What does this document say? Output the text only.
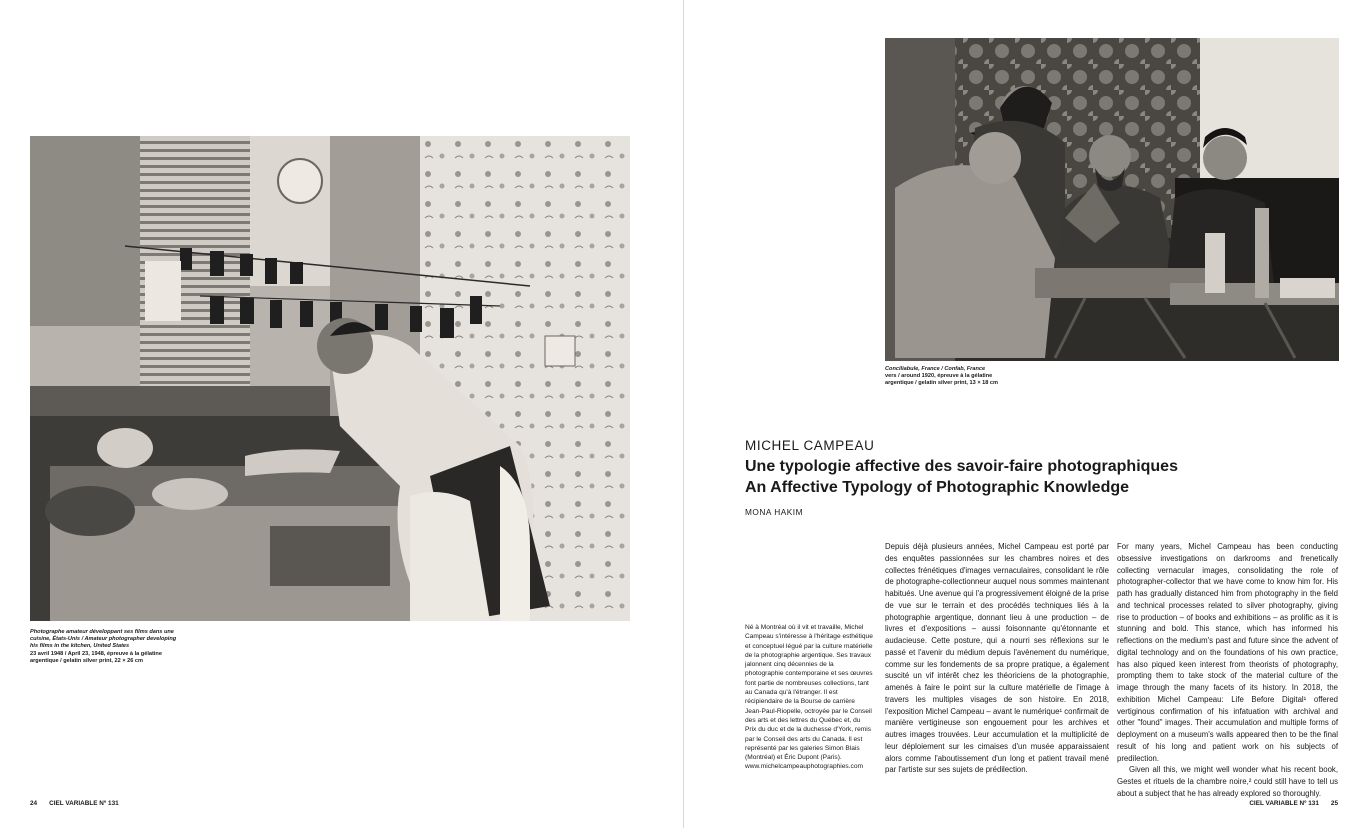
Photographe amateur développant ses films dans une cuisine, États-Unis / Amateur photographer developing his films in the kitchen, United States
23 avril 1948 / April 23, 1948, épreuve à la gélatine argentique / gelatin silver print, 22 × 26 cm
24 CIEL VARIABLE Nº 131
Conciliabule, France / Confab, France
vers / around 1920, épreuve à la gélatine argentique / gelatin silver print, 13 × 18 cm
MICHEL CAMPEAU
Une typologie affective des savoir-faire photographiques
An Affective Typology of Photographic Knowledge
MONA HAKIM

Né à Montréal où il vit et travaille, Michel Campeau s'intéresse à l'héritage esthétique et conceptuel légué par la culture matérielle de la photographie argentique. Ses travaux jalonnent cinq décennies de la photographie contemporaine et ses œuvres font partie de nombreuses collections, tant au Canada qu'à l'étranger. Il est récipiendaire de la Bourse de carrière Jean-Paul-Riopelle, octroyée par le Conseil des arts et des lettres du Québec et, du Prix du duc et de la duchesse d'York, remis par le Conseil des arts du Canada. Il est représenté par les galeries Simon Blais (Montréal) et Éric Dupont (Paris). www.michelcampeauphotographies.com

Depuis déjà plusieurs années, Michel Campeau est porté par des enquêtes passionnées sur les chambres noires et des collectes frénétiques d'images vernaculaires, consolidant le rôle de photographe-collectionneur auquel nous sommes maintenant habitués. Une avenue qui l'a progressivement éloigné de la prise de vue sur le terrain et des procédés techniques liés à la photographie argentique, donnant lieu à une production – de livres et d'expositions – aussi foisonnante qu'étonnante et audacieuse. Cette posture, qui a nourri ses réflexions sur le passé et l'avenir du médium depuis l'avènement du numérique, comme sur les fondements de sa propre pratique, a également suscité un vif intérêt chez les théoriciens de la photographie, amenés à faire le point sur la culture matérielle de l'image à travers les multiples visages de son histoire. En 2018, l'exposition Michel Campeau – avant le numérique¹ confirmait de manière vertigineuse son engouement pour les archives et autres images trouvées. Leur accumulation et la multiplicité de leur déploiement sur les cimaises d'un musée apparaissaient alors comme l'aboutissement d'un long et patient travail mené par l'artiste sur ses sujets de prédilection.

For many years, Michel Campeau has been conducting obsessive investigations on darkrooms and frenetically collecting vernacular images, consolidating the role of photographer-collector that we have come to know him for. His path has gradually distanced him from photography in the field and technical processes related to silver photography, giving rise to production – of books and exhibitions – as prolific as it is stunning and bold. This stance, which has informed his reflections on the medium's past and future since the advent of digital technology and on the foundations of his own practice, has also piqued keen interest from theorists of photography, prompting them to take stock of the material culture of the image through the many facets of its history. In 2018, the exhibition Michel Campeau: Life Before Digital¹ offered vertiginous confirmation of his infatuation with archival and other "found" images. Their accumulation and multiple forms of deployment on a museum's walls appeared then to be the final result of his long and patient work on his subjects of predilection.

Given all this, we might well wonder what his recent book, Gestes et rituels de la chambre noire,² could still have to tell us about a subject that he has already explored so thoroughly.

CIEL VARIABLE Nº 131 25
